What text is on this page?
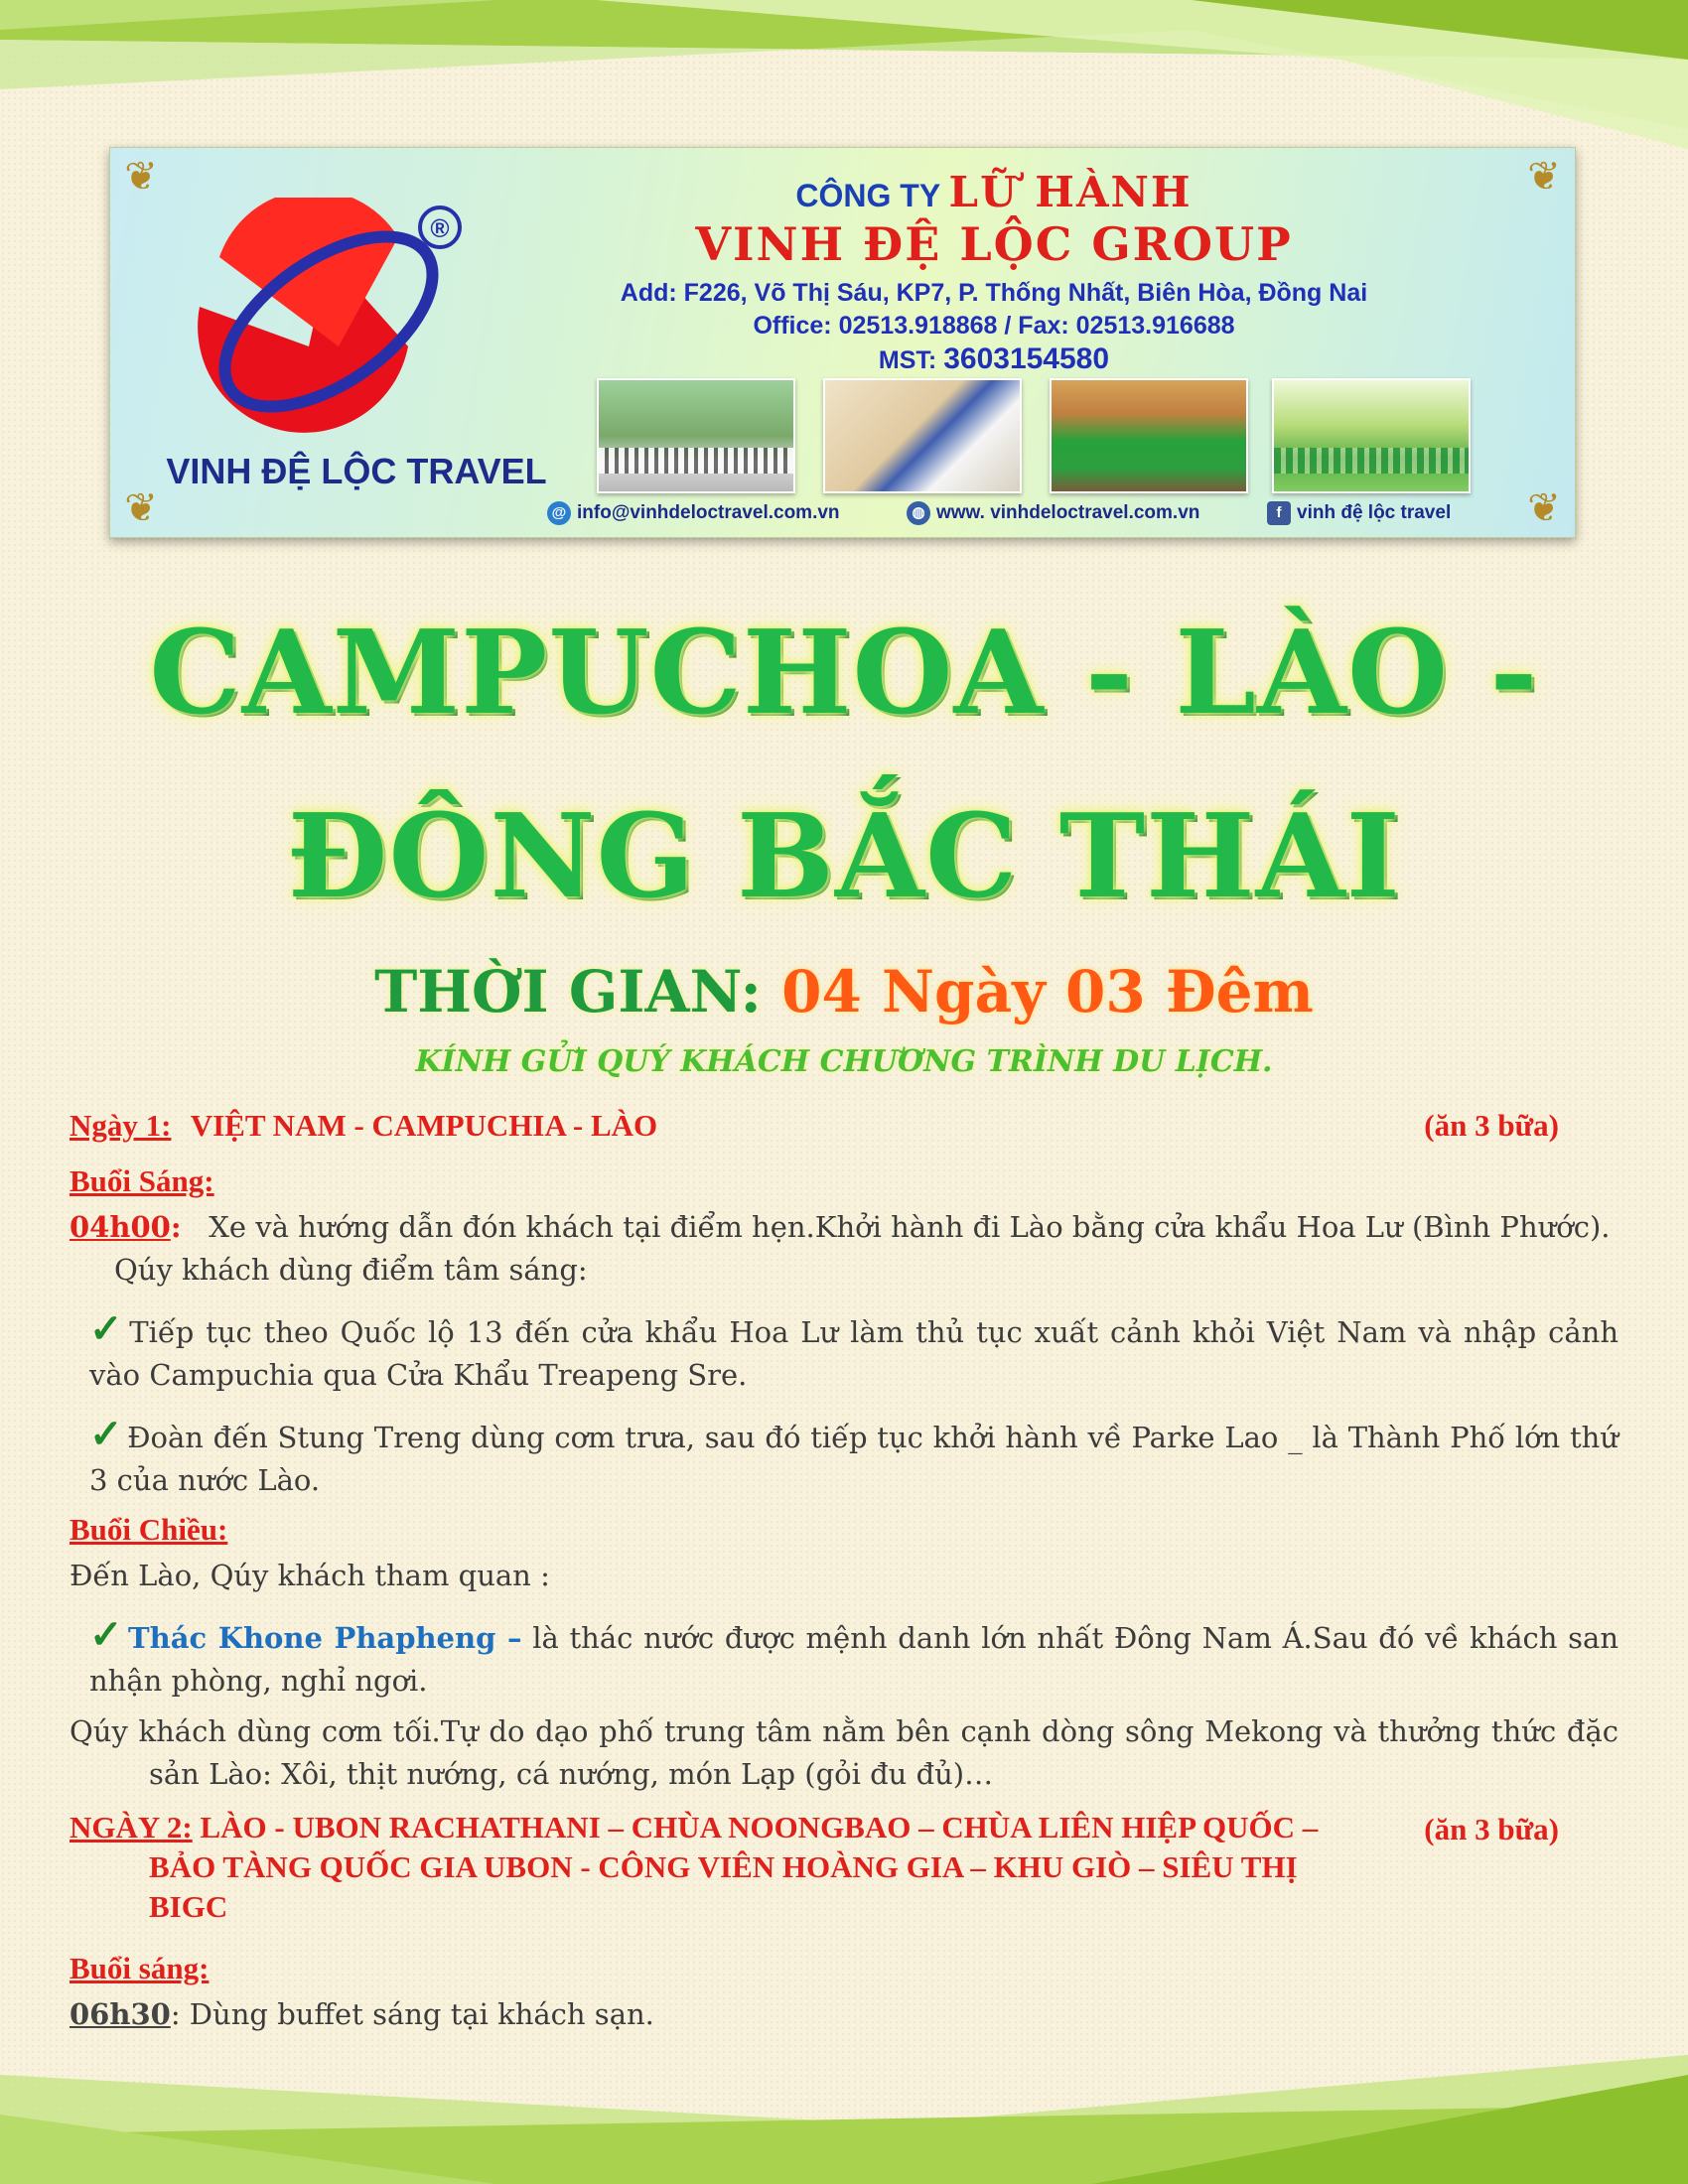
❦	❦
❦	❦
®
VINH ĐỆ LỘC TRAVEL
CÔNG TY LỮ HÀNH
VINH ĐỆ LỘC GROUP
Add: F226, Võ Thị Sáu, KP7, P. Thống Nhất, Biên Hòa, Đồng Nai
Office: 02513.918868 / Fax: 02513.916688
MST: 3603154580
@ info@vinhdeloctravel.com.vn	◍ www. vinhdeloctravel.com.vn	f vinh đệ lộc travel
CAMPUCHOA - LÀO -
ĐÔNG BẮC THÁI
THỜI GIAN: 04 Ngày 03 Đêm
KÍNH GỬI QUÝ KHÁCH CHƯƠNG TRÌNH DU LỊCH.
Ngày 1: VIỆT NAM - CAMPUCHIA - LÀO	(ăn 3 bữa)
Buổi Sáng:

04h00: Xe và hướng dẫn đón khách tại điểm hẹn.Khởi hành đi Lào bằng cửa khẩu Hoa Lư (Bình Phước).

Qúy khách dùng điểm tâm sáng:

✓ Tiếp tục theo Quốc lộ 13 đến cửa khẩu Hoa Lư làm thủ tục xuất cảnh khỏi Việt Nam và nhập cảnh vào Campuchia qua Cửa Khẩu Treapeng Sre.

✓ Đoàn đến Stung Treng dùng cơm trưa, sau đó tiếp tục khởi hành về Parke Lao _ là Thành Phố lớn thứ 3 của nước Lào.

Buổi Chiều:

Đến Lào, Qúy khách tham quan :

✓ Thác Khone Phapheng – là thác nước được mệnh danh lớn nhất Đông Nam Á.Sau đó về khách san nhận phòng, nghỉ ngơi.

Qúy khách dùng cơm tối.Tự do dạo phố trung tâm nằm bên cạnh dòng sông Mekong và thưởng thức đặc sản Lào: Xôi, thịt nướng, cá nướng, món Lạp (gỏi đu đủ)…

NGÀY 2: LÀO - UBON RACHATHANI – CHÙA NOONGBAO – CHÙA LIÊN HIỆP QUỐC – BẢO TÀNG QUỐC GIA UBON - CÔNG VIÊN HOÀNG GIA – KHU GIÒ – SIÊU THỊ BIGC

(ăn 3 bữa)
Buổi sáng:

06h30: Dùng buffet sáng tại khách sạn.
